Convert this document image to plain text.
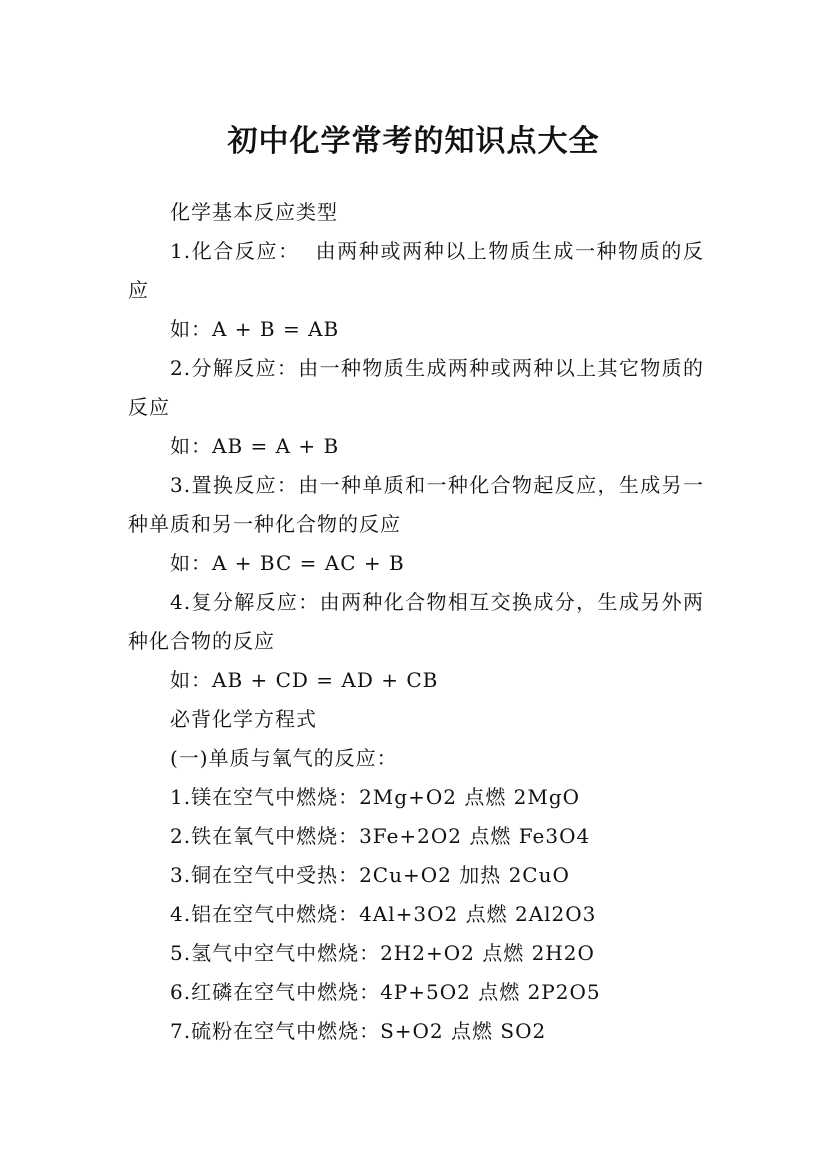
初中化学常考的知识点大全

化学基本反应类型

1.化合反应：  由两种或两种以上物质生成一种物质的反应

如：A + B = AB

2.分解反应：由一种物质生成两种或两种以上其它物质的反应

如：AB = A + B

3.置换反应：由一种单质和一种化合物起反应，生成另一种单质和另一种化合物的反应

如：A + BC = AC + B

4.复分解反应：由两种化合物相互交换成分，生成另外两种化合物的反应

如：AB + CD = AD + CB

必背化学方程式

(一)单质与氧气的反应：

1.镁在空气中燃烧：2Mg+O2 点燃 2MgO

2.铁在氧气中燃烧：3Fe+2O2 点燃 Fe3O4

3.铜在空气中受热：2Cu+O2 加热 2CuO

4.铝在空气中燃烧：4Al+3O2 点燃 2Al2O3

5.氢气中空气中燃烧：2H2+O2 点燃 2H2O

6.红磷在空气中燃烧：4P+5O2 点燃 2P2O5

7.硫粉在空气中燃烧：S+O2 点燃 SO2
